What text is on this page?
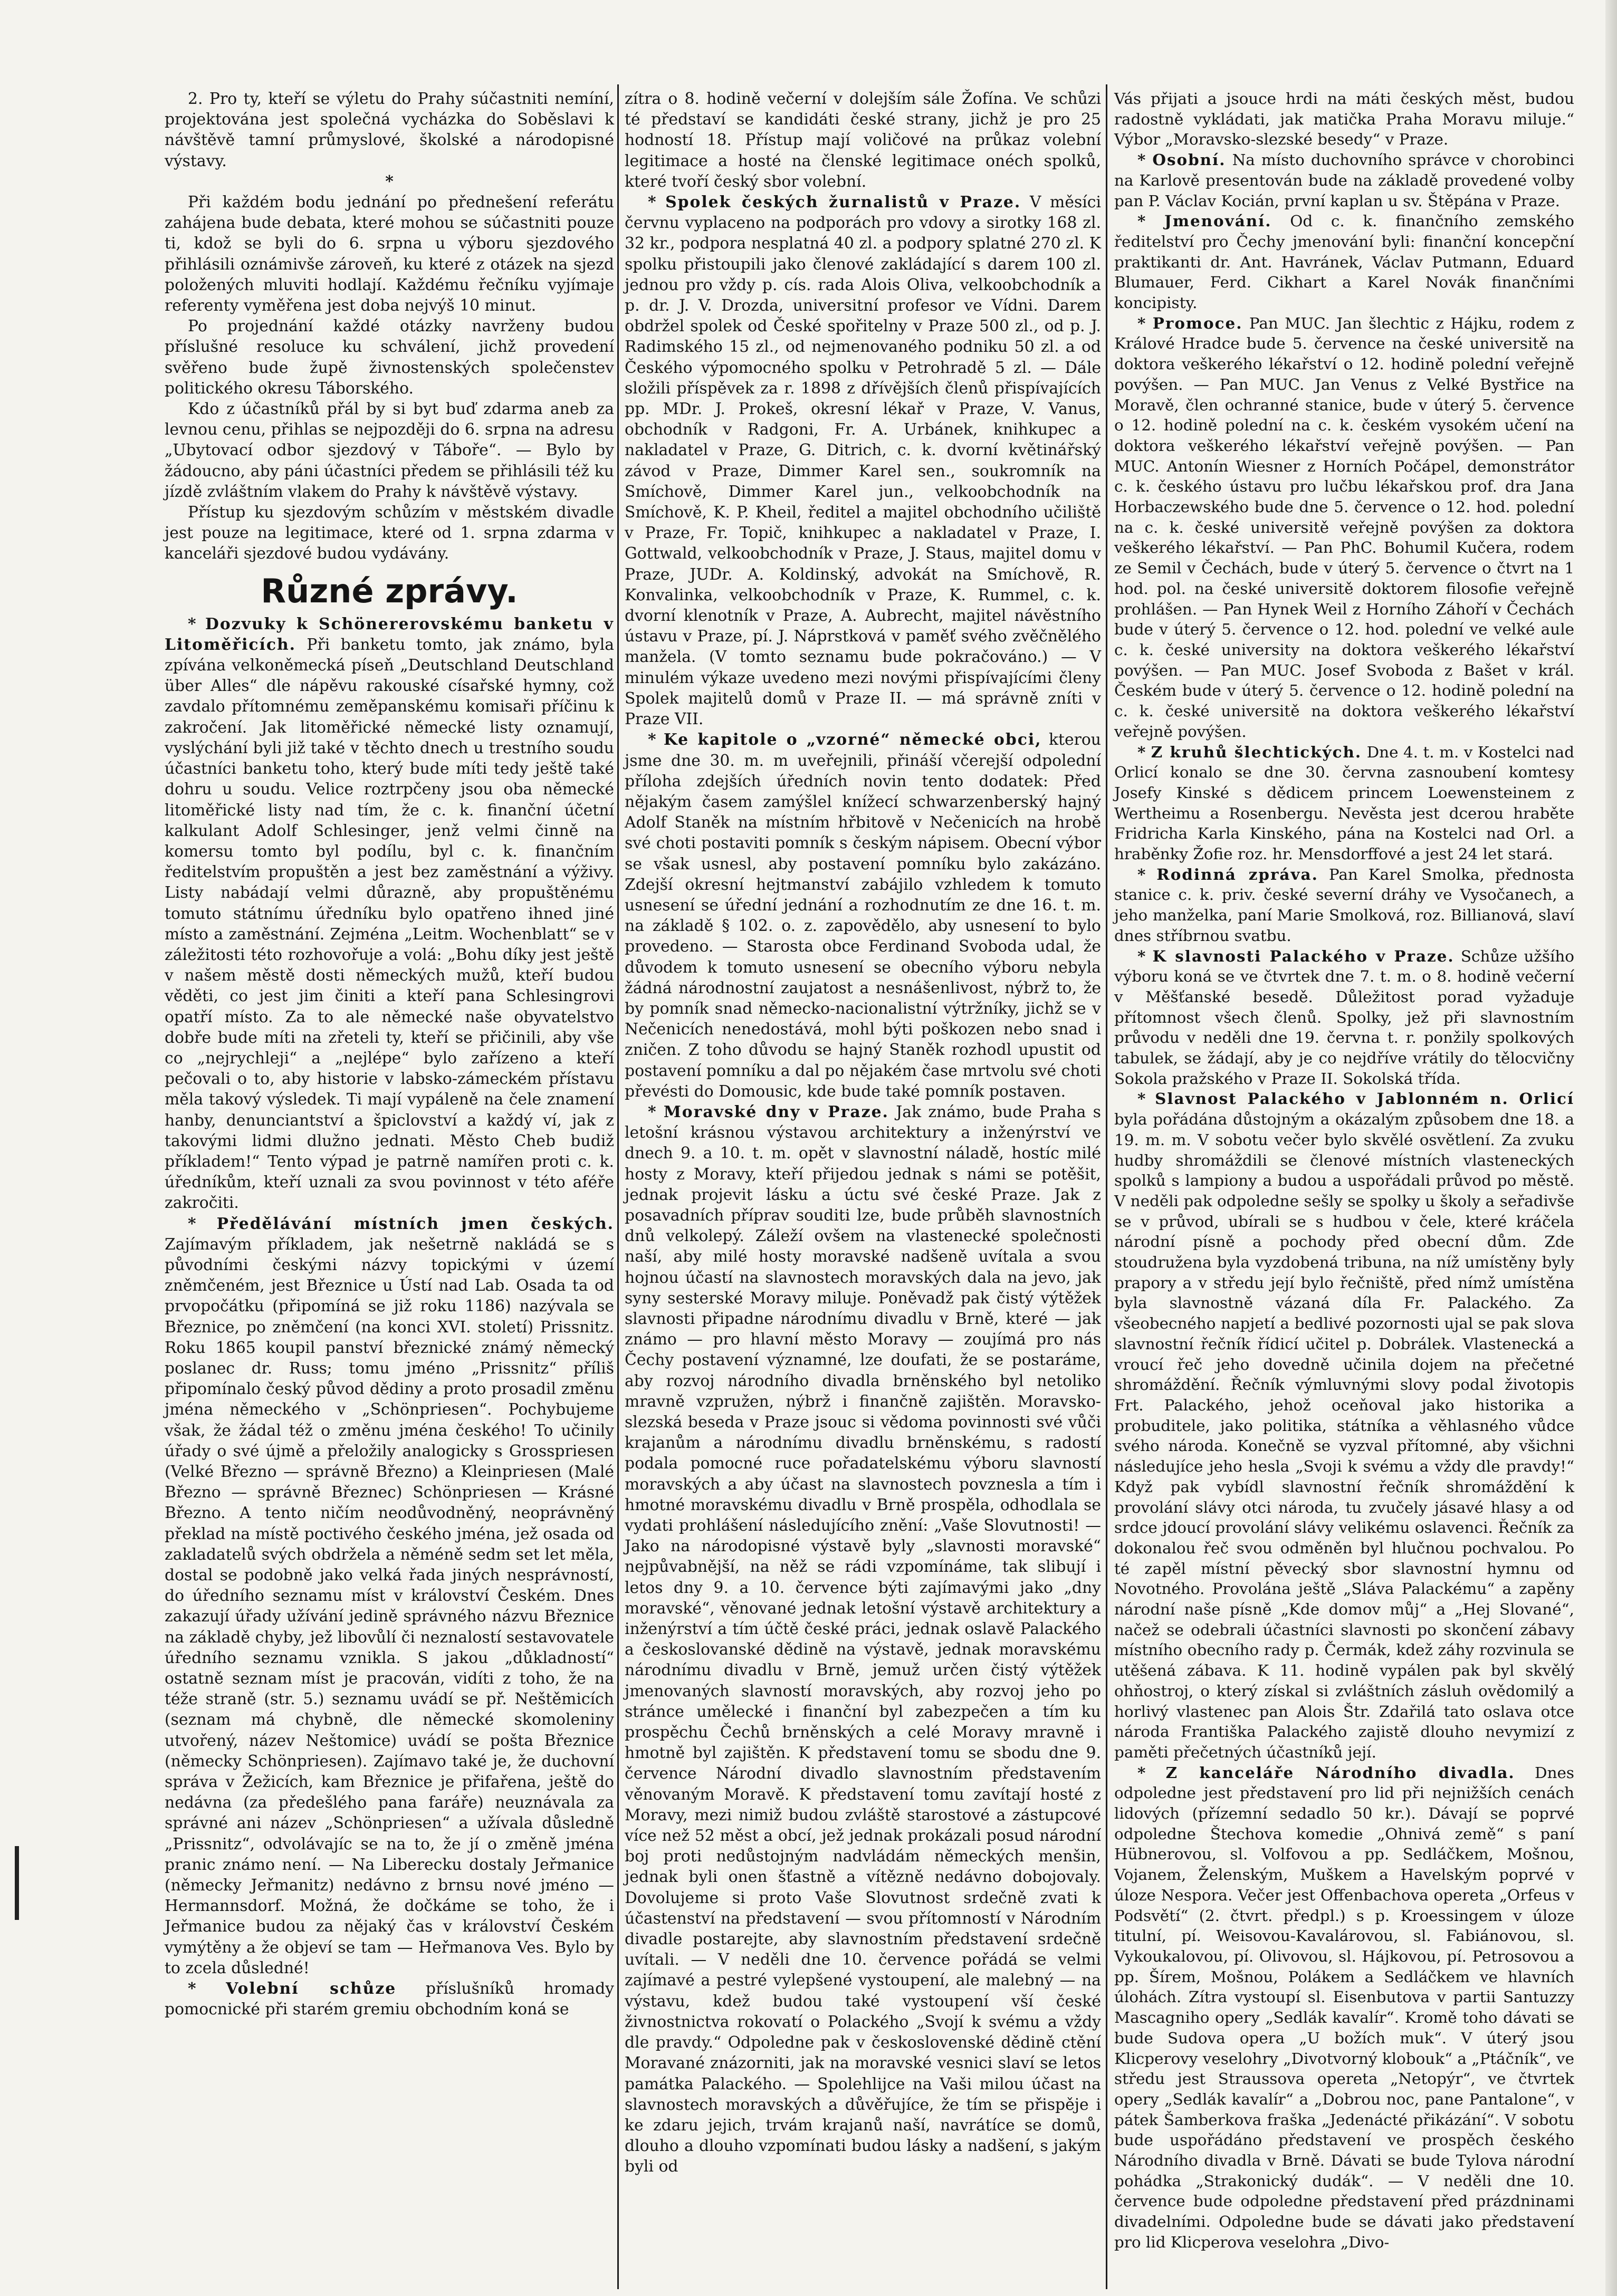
2. Pro ty, kteří se výletu do Prahy súčastniti nemíní, projektována jest společná vycházka do Soběslavi k návštěvě tamní průmyslové, školské a národopisné výstavy.

*

Při každém bodu jednání po přednešení referátu zahájena bude debata, které mohou se súčastniti pouze ti, kdož se byli do 6. srpna u výboru sjezdového přihlásili oznámivše zároveň, ku které z otázek na sjezd položených mluviti hodlají. Každému řečníku vyjímaje referenty vyměřena jest doba nejvýš 10 minut.

Po projednání každé otázky navrženy budou příslušné resoluce ku schválení, jichž provedení svěřeno bude župě živnostenských společenstev politického okresu Táborského.

Kdo z účastníků přál by si byt buď zdarma aneb za levnou cenu, přihlas se nejpozději do 6. srpna na adresu „Ubytovací odbor sjezdový v Táboře“. — Bylo by žádoucno, aby páni účastníci předem se přihlásili též ku jízdě zvláštním vlakem do Prahy k návštěvě výstavy.

Přístup ku sjezdovým schůzím v městském divadle jest pouze na legitimace, které od 1. srpna zdarma v kanceláři sjezdové budou vydávány.

Různé zprávy.

* Dozvuky k Schönererovskému banketu v Litoměřicích. Při banketu tomto, jak známo, byla zpívána velkoněmecká píseň „Deutschland Deutschland über Alles“ dle nápěvu rakouské císařské hymny, což zavdalo přítomnému zeměpanskému komisaři příčinu k zakročení. Jak litoměřické německé listy oznamují, vyslýchání byli již také v těchto dnech u trestního soudu účastníci banketu toho, který bude míti tedy ještě také dohru u soudu. Velice roztrpčeny jsou oba německé litoměřické listy nad tím, že c. k. finanční účetní kalkulant Adolf Schlesinger, jenž velmi činně na komersu tomto byl podílu, byl c. k. finančním ředitelstvím propuštěn a jest bez zaměstnání a výživy. Listy nabádají velmi důrazně, aby propuštěnému tomuto státnímu úředníku bylo opatřeno ihned jiné místo a zaměstnání. Zejména „Leitm. Wochenblatt“ se v záležitosti této rozhovořuje a volá: „Bohu díky jest ještě v našem městě dosti německých mužů, kteří budou věděti, co jest jim činiti a kteří pana Schlesingrovi opatří místo. Za to ale německé naše obyvatelstvo dobře bude míti na zřeteli ty, kteří se přičinili, aby vše co „nejrychleji“ a „nejlépe“ bylo zařízeno a kteří pečovali o to, aby historie v labsko-zámeckém přístavu měla takový výsledek. Ti mají vypáleně na čele znamení hanby, denunciantství a špiclovství a každý ví, jak z takovými lidmi dlužno jednati. Město Cheb budiž příkladem!“ Tento výpad je patrně namířen proti c. k. úředníkům, kteří uznali za svou povinnost v této aféře zakročiti.

* Předělávání místních jmen českých. Zajímavým příkladem, jak nešetrně nakládá se s původními českými názvy topickými v území zněmčeném, jest Březnice u Ústí nad Lab. Osada ta od prvopočátku (připomíná se již roku 1186) nazývala se Březnice, po zněmčení (na konci XVI. století) Prissnitz. Roku 1865 koupil panství březnické známý německý poslanec dr. Russ; tomu jméno „Prissnitz“ příliš připomínalo český původ dědiny a proto prosadil změnu jména německého v „Schönpriesen“. Pochybujeme však, že žádal též o změnu jména českého! To učinily úřady o své újmě a přeložily analogicky s Grosspriesen (Velké Březno — správně Březno) a Kleinpriesen (Malé Březno — správně Březnec) Schönpriesen — Krásné Březno. A tento ničím neodůvodněný, neoprávněný překlad na místě poctivého českého jména, jež osada od zakladatelů svých obdržela a něméně sedm set let měla, dostal se podobně jako velká řada jiných nesprávností, do úředního seznamu míst v království Českém. Dnes zakazují úřady užívání jedině správného názvu Březnice na základě chyby, jež libovůlí či neznalostí sestavovatele úředního seznamu vznikla. S jakou „důkladností“ ostatně seznam míst je pracován, vidíti z toho, že na téže straně (str. 5.) seznamu uvádí se př. Neštěmicích (seznam má chybně, dle německé skomoleniny utvořený, název Neštomice) uvádí se pošta Březnice (německy Schönpriesen). Zajímavo také je, že duchovní správa v Žežicích, kam Březnice je přifařena, ještě do nedávna (za předešlého pana faráře) neuznávala za správné ani název „Schönpriesen“ a užívala důsledně „Prissnitz“, odvolávajíc se na to, že jí o změně jména pranic známo není. — Na Liberecku dostaly Jeřmanice (německy Jeřmanitz) nedávno z brnsu nové jméno — Hermannsdorf. Možná, že dočkáme se toho, že i Jeřmanice budou za nějaký čas v království Českém vymýtěny a že objeví se tam — Heřmanova Ves. Bylo by to zcela důsledné!

* Volební schůze příslušníků hromady pomocnické při starém gremiu obchodním koná se

zítra o 8. hodině večerní v dolejším sále Žofína. Ve schůzi té představí se kandidáti české strany, jichž je pro 25 hodností 18. Přístup mají voličové na průkaz volební legitimace a hosté na členské legitimace onéch spolků, které tvoří český sbor volební.

* Spolek českých žurnalistů v Praze. V měsíci červnu vyplaceno na podporách pro vdovy a sirotky 168 zl. 32 kr., podpora nesplatná 40 zl. a podpory splatné 270 zl. K spolku přistoupili jako členové zakládající s darem 100 zl. jednou pro vždy p. cís. rada Alois Oliva, velkoobchodník a p. dr. J. V. Drozda, universitní profesor ve Vídni. Darem obdržel spolek od České spořitelny v Praze 500 zl., od p. J. Radimského 15 zl., od nejmenovaného podniku 50 zl. a od Českého výpomocného spolku v Petrohradě 5 zl. — Dále složili příspěvek za r. 1898 z dřívějších členů přispívajících pp. MDr. J. Prokeš, okresní lékař v Praze, V. Vanus, obchodník v Radgoni, Fr. A. Urbánek, knihkupec a nakladatel v Praze, G. Ditrich, c. k. dvorní květinářský závod v Praze, Dimmer Karel sen., soukromník na Smíchově, Dimmer Karel jun., velkoobchodník na Smíchově, K. P. Kheil, ředitel a majitel obchodního učiliště v Praze, Fr. Topič, knihkupec a nakladatel v Praze, I. Gottwald, velkoobchodník v Praze, J. Staus, majitel domu v Praze, JUDr. A. Koldinský, advokát na Smíchově, R. Konvalinka, velkoobchodník v Praze, K. Rummel, c. k. dvorní klenotník v Praze, A. Aubrecht, majitel návěstního ústavu v Praze, pí. J. Náprstková v paměť svého zvěčnělého manžela. (V tomto seznamu bude pokračováno.) — V minulém výkaze uvedeno mezi novými přispívajícími členy Spolek majitelů domů v Praze II. — má správně zníti v Praze VII.

* Ke kapitole o „vzorné“ německé obci, kterou jsme dne 30. m. m uveřejnili, přináší včerejší odpolední příloha zdejších úředních novin tento dodatek: Před nějakým časem zamýšlel knížecí schwarzenberský hajný Adolf Staněk na místním hřbitově v Nečenicích na hrobě své choti postaviti pomník s českým nápisem. Obecní výbor se však usnesl, aby postavení pomníku bylo zakázáno. Zdejší okresní hejtmanství zabájilo vzhledem k tomuto usnesení se úřední jednání a rozhodnutím ze dne 16. t. m. na základě § 102. o. z. zapovědělo, aby usnesení to bylo provedeno. — Starosta obce Ferdinand Svoboda udal, že důvodem k tomuto usnesení se obecního výboru nebyla žádná národnostní zaujatost a nesnášenlivost, nýbrž to, že by pomník snad německo-nacionalistní výtržníky, jichž se v Nečenicích nenedostává, mohl býti poškozen nebo snad i zničen. Z toho důvodu se hajný Staněk rozhodl upustit od postavení pomníku a dal po nějakém čase mrtvolu své choti převésti do Domousic, kde bude také pomník postaven.

* Moravské dny v Praze. Jak známo, bude Praha s letošní krásnou výstavou architektury a inženýrství ve dnech 9. a 10. t. m. opět v slavnostní náladě, hostíc milé hosty z Moravy, kteří přijedou jednak s námi se potěšit, jednak projevit lásku a úctu své české Praze. Jak z posavadních příprav souditi lze, bude průběh slavnostních dnů velkolepý. Záleží ovšem na vlastenecké společnosti naší, aby milé hosty moravské nadšeně uvítala a svou hojnou účastí na slavnostech moravských dala na jevo, jak syny sesterské Moravy miluje. Poněvadž pak čistý výtěžek slavnosti připadne národnímu divadlu v Brně, které — jak známo — pro hlavní město Moravy — zoujímá pro nás Čechy postavení významné, lze doufati, že se postaráme, aby rozvoj národního divadla brněnského byl netoliko mravně vzpružen, nýbrž i finančně zajištěn. Moravsko-slezská beseda v Praze jsouc si vědoma povinnosti své vůči krajanům a národnímu divadlu brněnskému, s radostí podala pomocné ruce pořadatelskému výboru slavností moravských a aby účast na slavnostech povznesla a tím i hmotné moravskému divadlu v Brně prospěla, odhodlala se vydati prohlášení následujícího znění: „Vaše Slovutnosti! — Jako na národopisné výstavě byly „slavnosti moravské“ nejpůvabnější, na něž se rádi vzpomínáme, tak slibují i letos dny 9. a 10. července býti zajímavými jako „dny moravské“, věnované jednak letošní výstavě architektury a inženýrství a tím účtě české práci, jednak oslavě Palackého a českoslovanské dědině na výstavě, jednak moravskému národnímu divadlu v Brně, jemuž určen čistý výtěžek jmenovaných slavností moravských, aby rozvoj jeho po stránce umělecké i finanční byl zabezpečen a tím ku prospěchu Čechů brněnských a celé Moravy mravně i hmotně byl zajištěn. K představení tomu se sbodu dne 9. července Národní divadlo slavnostním představením věnovaným Moravě. K představení tomu zavítají hosté z Moravy, mezi nimiž budou zvláště starostové a zástupcové více než 52 měst a obcí, jež jednak prokázali posud národní boj proti nedůstojným nadvládám německých menšin, jednak byli onen šťastně a vítězně nedávno dobojovaly. Dovolujeme si proto Vaše Slovutnost srdečně zvati k účastenství na představení — svou přítomností v Národním divadle postarejte, aby slavnostním představení srdečně uvítali. — V neděli dne 10. července pořádá se velmi zajímavé a pestré vylepšené vystoupení, ale malebný — na výstavu, kdež budou také vystoupení vší české živnostnictva rokovatí o Polackého „Svojí k svému a vždy dle pravdy.“ Odpoledne pak v československé dědině ctění Moravané znázorniti, jak na moravské vesnici slaví se letos památka Palackého. — Spolehlijce na Vaši milou účast na slavnostech moravských a důvěřujíce, že tím se přispěje i ke zdaru jejich, trvám krajanů naší, navrátíce se domů, dlouho a dlouho vzpomínati budou lásky a nadšení, s jakým byli od

Vás přijati a jsouce hrdi na máti českých měst, budou radostně vykládati, jak matička Praha Moravu miluje.“ Výbor „Moravsko-slezské besedy“ v Praze.

* Osobní. Na místo duchovního správce v chorobinci na Karlově presentován bude na základě provedené volby pan P. Václav Kocián, první kaplan u sv. Štěpána v Praze.

* Jmenování. Od c. k. finančního zemského ředitelství pro Čechy jmenování byli: finanční koncepční praktikanti dr. Ant. Havránek, Václav Putmann, Eduard Blumauer, Ferd. Cikhart a Karel Novák finančními koncipisty.

* Promoce. Pan MUC. Jan šlechtic z Hájku, rodem z Králové Hradce bude 5. července na české universitě na doktora veškerého lékařství o 12. hodině polední veřejně povýšen. — Pan MUC. Jan Venus z Velké Bystřice na Moravě, člen ochranné stanice, bude v úterý 5. července o 12. hodině polední na c. k. českém vysokém učení na doktora veškerého lékařství veřejně povýšen. — Pan MUC. Antonín Wiesner z Horních Počápel, demonstrátor c. k. českého ústavu pro lučbu lékařskou prof. dra Jana Horbaczewského bude dne 5. července o 12. hod. polední na c. k. české universitě veřejně povýšen za doktora veškerého lékařství. — Pan PhC. Bohumil Kučera, rodem ze Semil v Čechách, bude v úterý 5. července o čtvrt na 1 hod. pol. na české universitě doktorem filosofie veřejně prohlášen. — Pan Hynek Weil z Horního Záhoří v Čechách bude v úterý 5. července o 12. hod. polední ve velké aule c. k. české university na doktora veškerého lékařství povýšen. — Pan MUC. Josef Svoboda z Bašet v král. Českém bude v úterý 5. července o 12. hodině polední na c. k. české universitě na doktora veškerého lékařství veřejně povýšen.

* Z kruhů šlechtických. Dne 4. t. m. v Kostelci nad Orlicí konalo se dne 30. června zasnoubení komtesy Josefy Kinské s dědicem princem Loewensteinem z Wertheimu a Rosenbergu. Nevěsta jest dcerou hraběte Fridricha Karla Kinského, pána na Kostelci nad Orl. a hraběnky Žofie roz. hr. Mensdorffové a jest 24 let stará.

* Rodinná zpráva. Pan Karel Smolka, přednosta stanice c. k. priv. české severní dráhy ve Vysočanech, a jeho manželka, paní Marie Smolková, roz. Billianová, slaví dnes stříbrnou svatbu.

* K slavnosti Palackého v Praze. Schůze užšího výboru koná se ve čtvrtek dne 7. t. m. o 8. hodině večerní v Měšťanské besedě. Důležitost porad vyžaduje přítomnost všech členů. Spolky, jež při slavnostním průvodu v neděli dne 19. června t. r. ponžily spolkových tabulek, se žádají, aby je co nejdříve vrátily do tělocvičny Sokola pražského v Praze II. Sokolská třída.

* Slavnost Palackého v Jablonném n. Orlicí byla pořádána důstojným a okázalým způsobem dne 18. a 19. m. m. V sobotu večer bylo skvělé osvětlení. Za zvuku hudby shromáždili se členové místních vlasteneckých spolků s lampiony a budou a uspořádali průvod po městě. V neděli pak odpoledne sešly se spolky u školy a seřadivše se v průvod, ubírali se s hudbou v čele, které kráčela národní písně a pochody před obecní dům. Zde stoudružena byla vyzdobená tribuna, na níž umístěny byly prapory a v středu její bylo řečniště, před nímž umístěna byla slavnostně vázaná díla Fr. Palackého. Za všeobecného napjetí a bedlivé pozornosti ujal se pak slova slavnostní řečník řídicí učitel p. Dobrálek. Vlastenecká a vroucí řeč jeho dovedně učinila dojem na přečetné shromáždění. Řečník výmluvnými slovy podal životopis Frt. Palackého, jehož oceňoval jako historika a probuditele, jako politika, státníka a věhlasného vůdce svého národa. Konečně se vyzval přítomné, aby všichni následujíce jeho hesla „Svoji k svému a vždy dle pravdy!“ Když pak vybídl slavnostní řečník shromáždění k provolání slávy otci národa, tu zvučely jásavé hlasy a od srdce jdoucí provolání slávy velikému oslavenci. Řečník za dokonalou řeč svou odměněn byl hlučnou pochvalou. Po té zapěl místní pěvecký sbor slavnostní hymnu od Novotného. Provolána ještě „Sláva Palackému“ a zapěny národní naše písně „Kde domov můj“ a „Hej Slované“, načež se odebrali účastníci slavnosti po skončení zábavy místního obecního rady p. Čermák, kdež záhy rozvinula se utěšená zábava. K 11. hodině vypálen pak byl skvělý ohňostroj, o který získal si zvláštních zásluh ovědomilý a horlivý vlastenec pan Alois Štr. Zdařilá tato oslava otce národa Františka Palackého zajistě dlouho nevymizí z paměti přečetných účastníků její.

* Z kanceláře Národního divadla. Dnes odpoledne jest představení pro lid při nejnižších cenách lidových (přízemní sedadlo 50 kr.). Dávají se poprvé odpoledne Štechova komedie „Ohnivá země“ s paní Hübnerovou, sl. Volfovou a pp. Sedláčkem, Mošnou, Vojanem, Želenským, Muškem a Havelským poprvé v úloze Nespora. Večer jest Offenbachova opereta „Orfeus v Podsvětí“ (2. čtvrt. předpl.) s p. Kroessingem v úloze titulní, pí. Weisovou-Kavalárovou, sl. Fabiánovou, sl. Vykoukalovou, pí. Olivovou, sl. Hájkovou, pí. Petrosovou a pp. Šírem, Mošnou, Polákem a Sedláčkem ve hlavních úlohách. Zítra vystoupí sl. Eisenbutova v partii Santuzzy Mascagniho opery „Sedlák kavalír“. Kromě toho dávati se bude Sudova opera „U božích muk“. V úterý jsou Klicperovy veselohry „Divotvorný klobouk“ a „Ptáčník“, ve středu jest Straussova opereta „Netopýr“, ve čtvrtek opery „Sedlák kavalír“ a „Dobrou noc, pane Pantalone“, v pátek Šamberkova fraška „Jedenácté přikázání“. V sobotu bude uspořádáno představení ve prospěch českého Národního divadla v Brně. Dávati se bude Tylova národní pohádka „Strakonický dudák“. — V neděli dne 10. července bude odpoledne představení před prázdninami divadelními. Odpoledne bude se dávati jako představení pro lid Klicperova veselohra „Divo-
